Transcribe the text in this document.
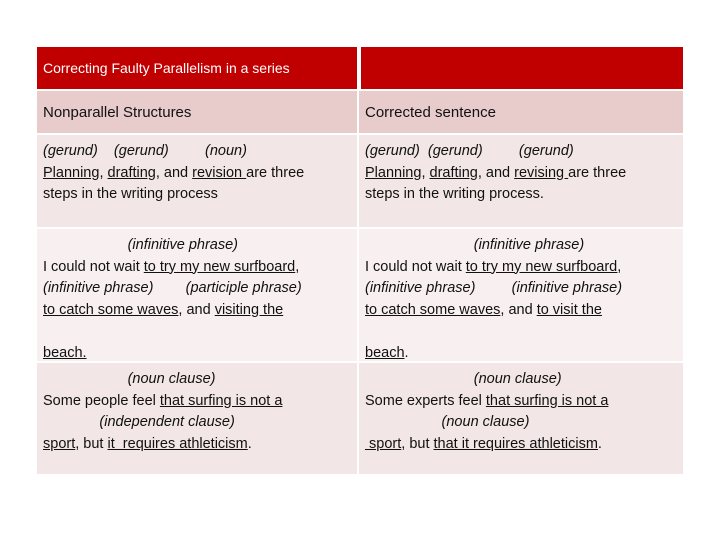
Correcting Faulty Parallelism in a series
Nonparallel Structures	Corrected sentence
(gerund)    (gerund)         (noun)
Planning, drafting, and revision are three
steps in the writing process
(gerund)  (gerund)         (gerund)
Planning, drafting, and revising are three
steps in the writing process.
(infinitive phrase)
I could not wait to try my new surfboard,
(infinitive phrase)        (participle phrase)
to catch some waves, and visiting the
beach.
(infinitive phrase)
I could not wait to try my new surfboard,
(infinitive phrase)         (infinitive phrase)
to catch some waves, and to visit the
beach.
(noun clause)
Some people feel that surfing is not a
(independent clause)
sport, but it  requires athleticism.
(noun clause)
Some experts feel that surfing is not a
(noun clause)
sport, but that it requires athleticism.
